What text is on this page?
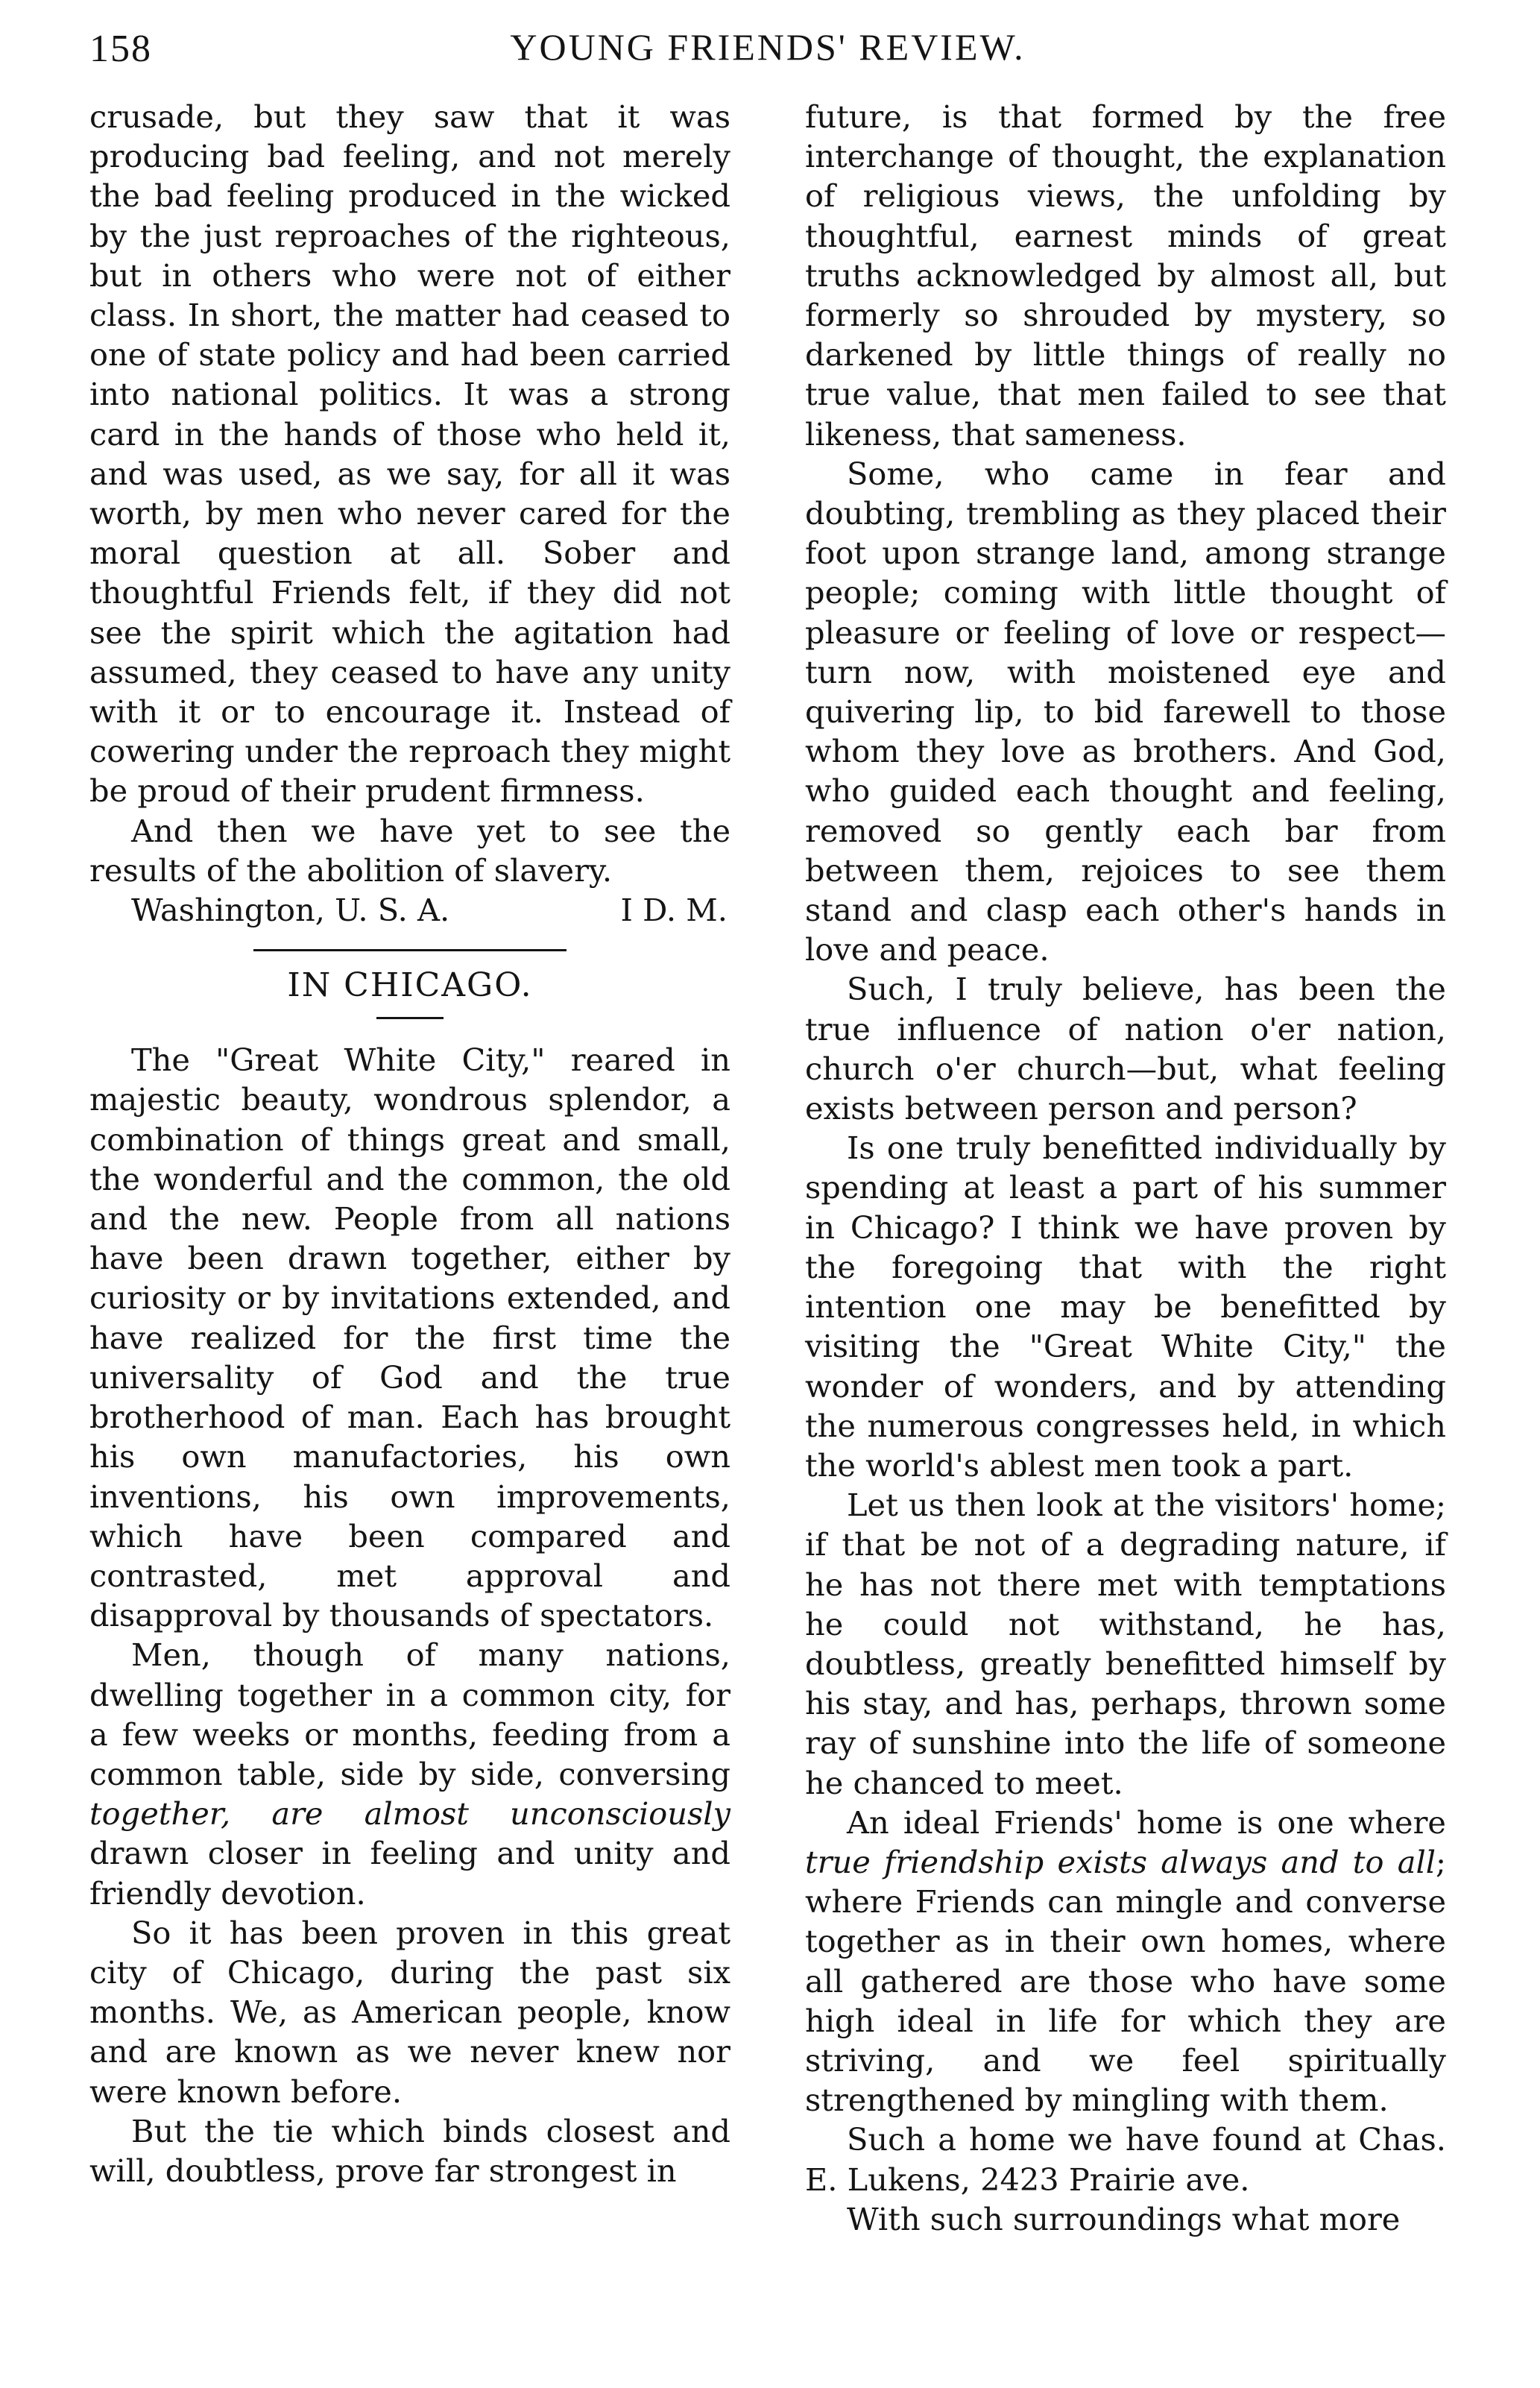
158	YOUNG FRIENDS' REVIEW.

crusade, but they saw that it was producing bad feeling, and not merely the bad feeling produced in the wicked by the just reproaches of the righteous, but in others who were not of either class. In short, the matter had ceased to one of state policy and had been carried into national politics. It was a strong card in the hands of those who held it, and was used, as we say, for all it was worth, by men who never cared for the moral question at all. Sober and thoughtful Friends felt, if they did not see the spirit which the agitation had assumed, they ceased to have any unity with it or to encourage it. Instead of cowering under the reproach they might be proud of their prudent firmness.

And then we have yet to see the results of the abolition of slavery.

Washington, U. S. A.	I D. M.
IN CHICAGO.

The "Great White City," reared in majestic beauty, wondrous splendor, a combination of things great and small, the wonderful and the common, the old and the new. People from all nations have been drawn together, either by curiosity or by invitations extended, and have realized for the first time the universality of God and the true brotherhood of man. Each has brought his own manufactories, his own inventions, his own improvements, which have been compared and contrasted, met approval and disapproval by thousands of spectators.

Men, though of many nations, dwelling together in a common city, for a few weeks or months, feeding from a common table, side by side, conversing together, are almost unconsciously drawn closer in feeling and unity and friendly devotion.

So it has been proven in this great city of Chicago, during the past six months. We, as American people, know and are known as we never knew nor were known before.

But the tie which binds closest and will, doubtless, prove far strongest in

future, is that formed by the free interchange of thought, the explanation of religious views, the unfolding by thoughtful, earnest minds of great truths acknowledged by almost all, but formerly so shrouded by mystery, so darkened by little things of really no true value, that men failed to see that likeness, that sameness.

Some, who came in fear and doubting, trembling as they placed their foot upon strange land, among strange people; coming with little thought of pleasure or feeling of love or respect— turn now, with moistened eye and quivering lip, to bid farewell to those whom they love as brothers. And God, who guided each thought and feeling, removed so gently each bar from between them, rejoices to see them stand and clasp each other's hands in love and peace.

Such, I truly believe, has been the true influence of nation o'er nation, church o'er church—but, what feeling exists between person and person?

Is one truly benefitted individually by spending at least a part of his summer in Chicago? I think we have proven by the foregoing that with the right intention one may be benefitted by visiting the "Great White City," the wonder of wonders, and by attending the numerous congresses held, in which the world's ablest men took a part.

Let us then look at the visitors' home; if that be not of a degrading nature, if he has not there met with temptations he could not withstand, he has, doubtless, greatly benefitted himself by his stay, and has, perhaps, thrown some ray of sunshine into the life of someone he chanced to meet.

An ideal Friends' home is one where true friendship exists always and to all; where Friends can mingle and converse together as in their own homes, where all gathered are those who have some high ideal in life for which they are striving, and we feel spiritually strengthened by mingling with them.

Such a home we have found at Chas. E. Lukens, 2423 Prairie ave.

With such surroundings what more
